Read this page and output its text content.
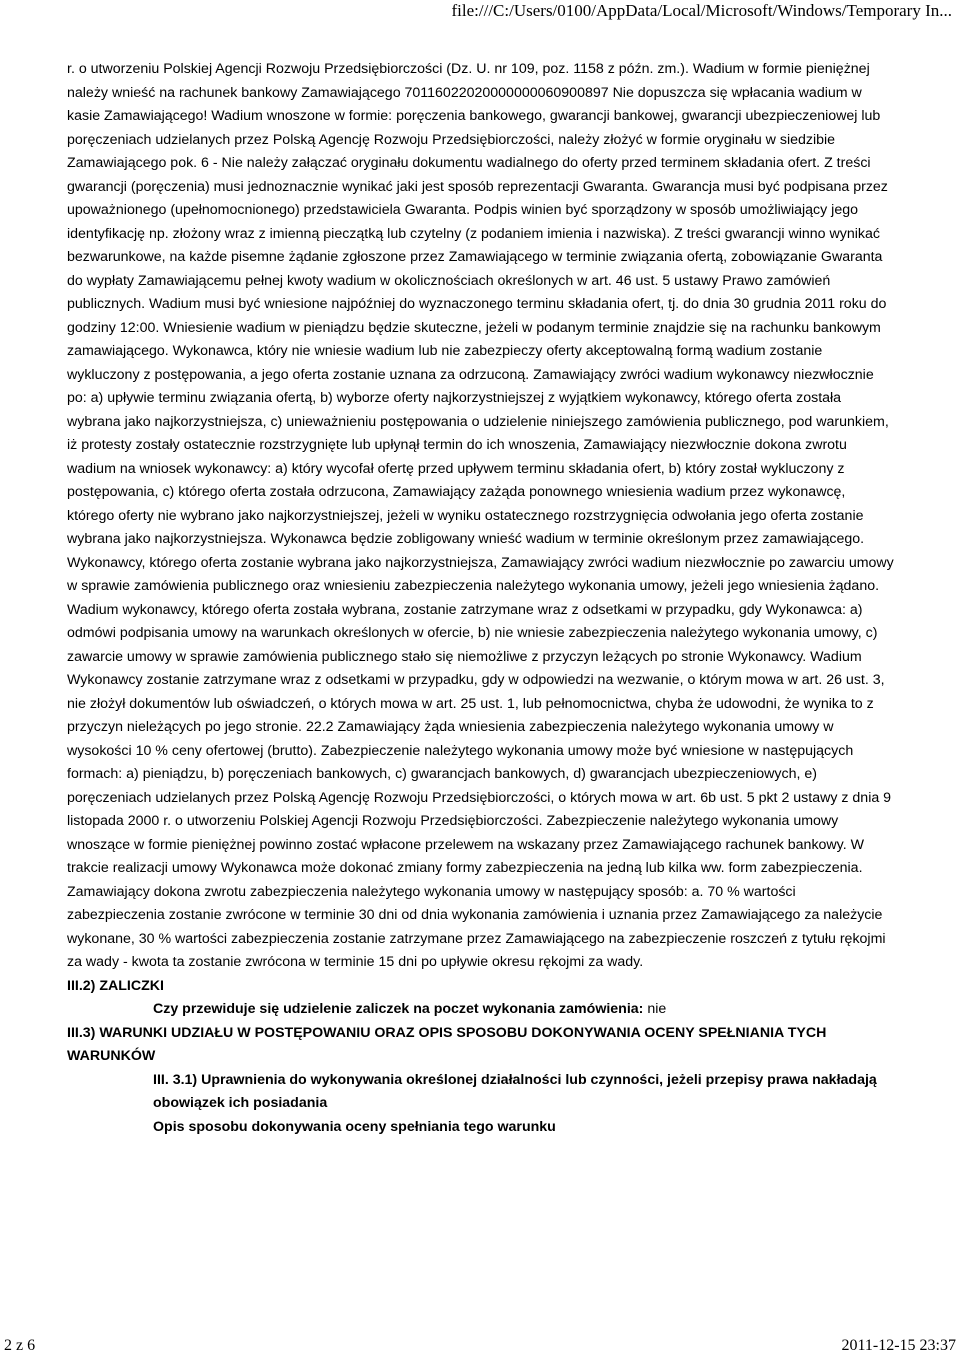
file:///C:/Users/0100/AppData/Local/Microsoft/Windows/Temporary In...

r. o utworzeniu Polskiej Agencji Rozwoju Przedsiębiorczości (Dz. U. nr 109, poz. 1158 z późn. zm.). Wadium w formie pieniężnej należy wnieść na rachunek bankowy Zamawiającego 70116022020000000060900897 Nie dopuszcza się wpłacania wadium w kasie Zamawiającego! Wadium wnoszone w formie: poręczenia bankowego, gwarancji bankowej, gwarancji ubezpieczeniowej lub poręczeniach udzielanych przez Polską Agencję Rozwoju Przedsiębiorczości, należy złożyć w formie oryginału w siedzibie Zamawiającego pok. 6 - Nie należy załączać oryginału dokumentu wadialnego do oferty przed terminem składania ofert. Z treści gwarancji (poręczenia) musi jednoznacznie wynikać jaki jest sposób reprezentacji Gwaranta. Gwarancja musi być podpisana przez upoważnionego (upełnomocnionego) przedstawiciela Gwaranta. Podpis winien być sporządzony w sposób umożliwiający jego identyfikację np. złożony wraz z imienną pieczątką lub czytelny (z podaniem imienia i nazwiska). Z treści gwarancji winno wynikać bezwarunkowe, na każde pisemne żądanie zgłoszone przez Zamawiającego w terminie związania ofertą, zobowiązanie Gwaranta do wypłaty Zamawiającemu pełnej kwoty wadium w okolicznościach określonych w art. 46 ust. 5 ustawy Prawo zamówień publicznych. Wadium musi być wniesione najpóźniej do wyznaczonego terminu składania ofert, tj. do dnia 30 grudnia 2011 roku do godziny 12:00. Wniesienie wadium w pieniądzu będzie skuteczne, jeżeli w podanym terminie znajdzie się na rachunku bankowym zamawiającego. Wykonawca, który nie wniesie wadium lub nie zabezpieczy oferty akceptowalną formą wadium zostanie wykluczony z postępowania, a jego oferta zostanie uznana za odrzuconą. Zamawiający zwróci wadium wykonawcy niezwłocznie po: a) upływie terminu związania ofertą, b) wyborze oferty najkorzystniejszej z wyjątkiem wykonawcy, którego oferta została wybrana jako najkorzystniejsza, c) unieważnieniu postępowania o udzielenie niniejszego zamówienia publicznego, pod warunkiem, iż protesty zostały ostatecznie rozstrzygnięte lub upłynął termin do ich wnoszenia, Zamawiający niezwłocznie dokona zwrotu wadium na wniosek wykonawcy: a) który wycofał ofertę przed upływem terminu składania ofert, b) który został wykluczony z postępowania, c) którego oferta została odrzucona, Zamawiający zażąda ponownego wniesienia wadium przez wykonawcę, którego oferty nie wybrano jako najkorzystniejszej, jeżeli w wyniku ostatecznego rozstrzygnięcia odwołania jego oferta zostanie wybrana jako najkorzystniejsza. Wykonawca będzie zobligowany wnieść wadium w terminie określonym przez zamawiającego. Wykonawcy, którego oferta zostanie wybrana jako najkorzystniejsza, Zamawiający zwróci wadium niezwłocznie po zawarciu umowy w sprawie zamówienia publicznego oraz wniesieniu zabezpieczenia należytego wykonania umowy, jeżeli jego wniesienia żądano. Wadium wykonawcy, którego oferta została wybrana, zostanie zatrzymane wraz z odsetkami w przypadku, gdy Wykonawca: a) odmówi podpisania umowy na warunkach określonych w ofercie, b) nie wniesie zabezpieczenia należytego wykonania umowy, c) zawarcie umowy w sprawie zamówienia publicznego stało się niemożliwe z przyczyn leżących po stronie Wykonawcy. Wadium Wykonawcy zostanie zatrzymane wraz z odsetkami w przypadku, gdy w odpowiedzi na wezwanie, o którym mowa w art. 26 ust. 3, nie złożył dokumentów lub oświadczeń, o których mowa w art. 25 ust. 1, lub pełnomocnictwa, chyba że udowodni, że wynika to z przyczyn nieleżących po jego stronie. 22.2 Zamawiający żąda wniesienia zabezpieczenia należytego wykonania umowy w wysokości 10 % ceny ofertowej (brutto). Zabezpieczenie należytego wykonania umowy może być wniesione w następujących formach: a) pieniądzu, b) poręczeniach bankowych, c) gwarancjach bankowych, d) gwarancjach ubezpieczeniowych, e) poręczeniach udzielanych przez Polską Agencję Rozwoju Przedsiębiorczości, o których mowa w art. 6b ust. 5 pkt 2 ustawy z dnia 9 listopada 2000 r. o utworzeniu Polskiej Agencji Rozwoju Przedsiębiorczości. Zabezpieczenie należytego wykonania umowy wnoszące w formie pieniężnej powinno zostać wpłacone przelewem na wskazany przez Zamawiającego rachunek bankowy. W trakcie realizacji umowy Wykonawca może dokonać zmiany formy zabezpieczenia na jedną lub kilka ww. form zabezpieczenia. Zamawiający dokona zwrotu zabezpieczenia należytego wykonania umowy w następujący sposób: a. 70 % wartości zabezpieczenia zostanie zwrócone w terminie 30 dni od dnia wykonania zamówienia i uznania przez Zamawiającego za należycie wykonane, 30 % wartości zabezpieczenia zostanie zatrzymane przez Zamawiającego na zabezpieczenie roszczeń z tytułu rękojmi za wady - kwota ta zostanie zwrócona w terminie 15 dni po upływie okresu rękojmi za wady.

III.2) ZALICZKI

Czy przewiduje się udzielenie zaliczek na poczet wykonania zamówienia: nie

III.3) WARUNKI UDZIAŁU W POSTĘPOWANIU ORAZ OPIS SPOSOBU DOKONYWANIA OCENY SPEŁNIANIA TYCH WARUNKÓW

III. 3.1) Uprawnienia do wykonywania określonej działalności lub czynności, jeżeli przepisy prawa nakładają obowiązek ich posiadania

Opis sposobu dokonywania oceny spełniania tego warunku

2 z 6	2011-12-15 23:37
